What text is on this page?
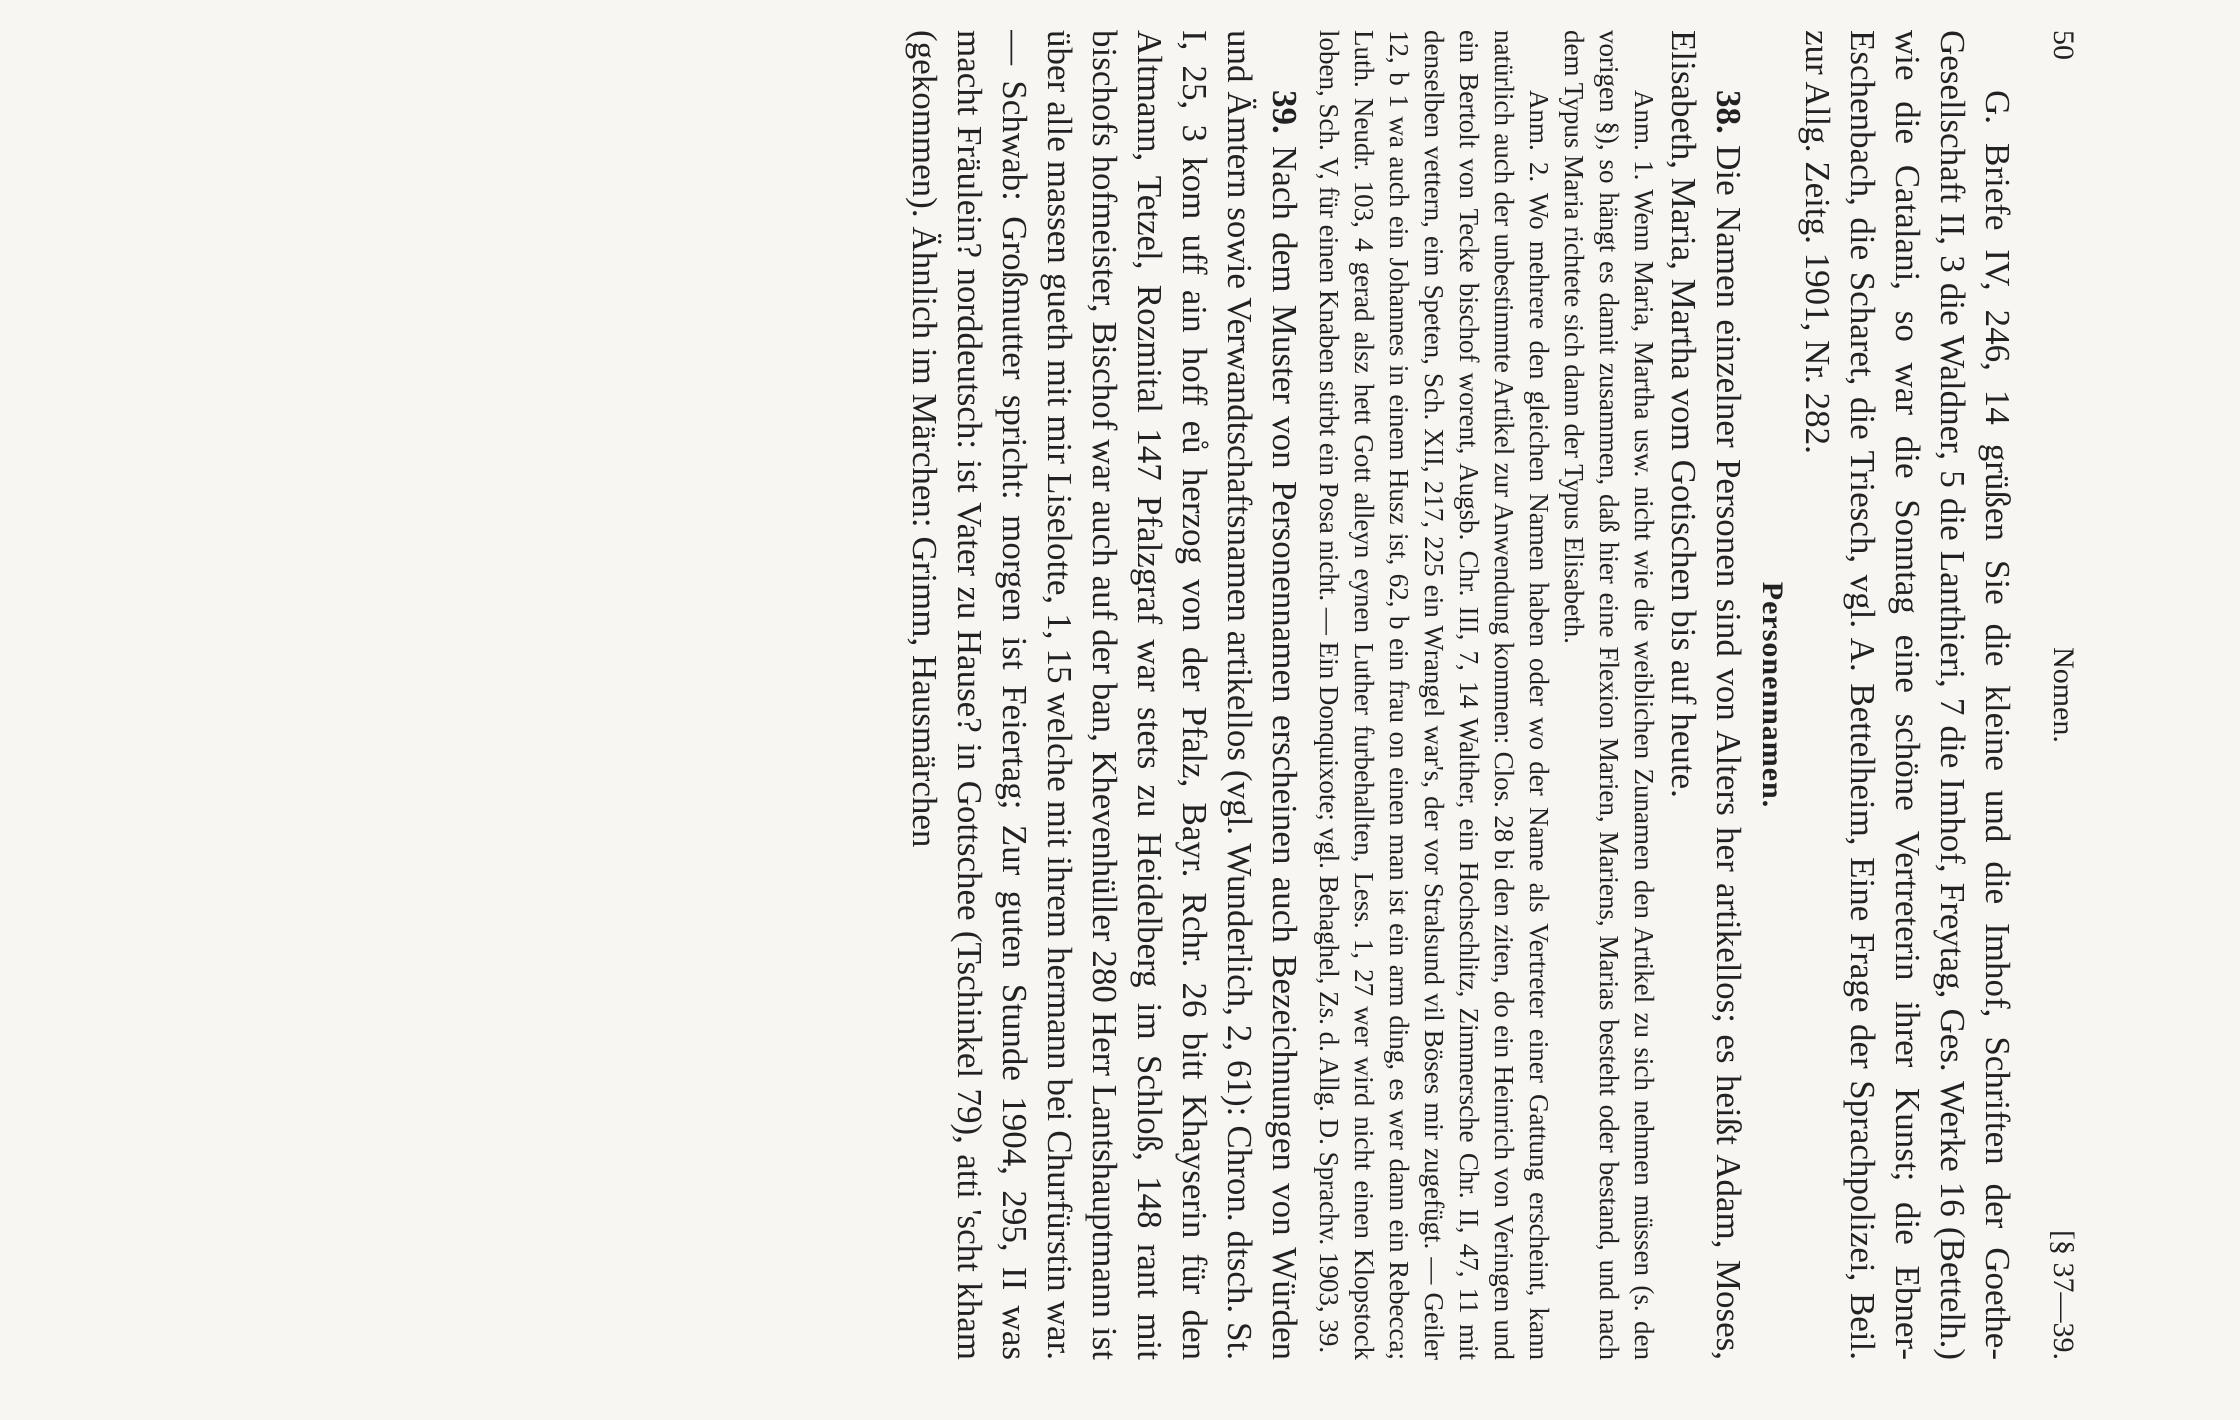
50
Nomen.
[§ 37—39.

G. Briefe IV, 246, 14 grüßen Sie die kleine und die Imhof, Schriften der Goethe-Gesellschaft II, 3 die Waldner, 5 die Lanthieri, 7 die Imhof, Freytag, Ges. Werke 16 (Bettelh.) wie die Catalani, so war die Sonntag eine schöne Vertreterin ihrer Kunst; die Ebner-Eschenbach, die Scharet, die Triesch, vgl. A. Bettelheim, Eine Frage der Sprachpolizei, Beil. zur Allg. Zeitg. 1901, Nr. 282.

Personennamen.

38. Die Namen einzelner Personen sind von Alters her artikellos; es heißt Adam, Moses, Elisabeth, Maria, Martha vom Gotischen bis auf heute.

Anm. 1. Wenn Maria, Martha usw. nicht wie die weiblichen Zunamen den Artikel zu sich nehmen müssen (s. den vorigen §), so hängt es damit zusammen, daß hier eine Flexion Marien, Mariens, Marias besteht oder bestand, und nach dem Typus Maria richtete sich dann der Typus Elisabeth.

Anm. 2. Wo mehrere den gleichen Namen haben oder wo der Name als Vertreter einer Gattung erscheint, kann natürlich auch der unbestimmte Artikel zur Anwendung kommen: Clos. 28 bi den ziten, do ein Heinrich von Veringen und ein Bertolt von Tecke bischof worent, Augsb. Chr. III, 7, 14 Walther, ein Hochschlitz, Zimmersche Chr. II, 47, 11 mit denselben vettern, eim Speten, Sch. XII, 217, 225 ein Wrangel war's, der vor Stralsund vil Böses mir zugefügt. — Geiler 12, b 1 wa auch ein Johannes in einem Husz ist, 62, b ein frau on einen man ist ein arm ding, es wer dann ein Rebecca; Luth. Neudr. 103, 4 gerad alsz hett Gott alleyn eynen Luther furbehallten, Less. 1, 27 wer wird nicht einen Klopstock loben, Sch. V, für einen Knaben stirbt ein Posa nicht. — Ein Donquixote; vgl. Behaghel, Zs. d. Allg. D. Sprachv. 1903, 39.

39. Nach dem Muster von Personennamen erscheinen auch Bezeichnungen von Würden und Ämtern sowie Verwandtschaftsnamen artikellos (vgl. Wunderlich, 2, 61): Chron. dtsch. St. I, 25, 3 kom uff ain hoff eů herzog von der Pfalz, Bayr. Rchr. 26 bitt Khayserin für den Altmann, Tetzel, Rozmital 147 Pfalzgraf war stets zu Heidelberg im Schloß, 148 rant mit bischofs hofmeister, Bischof war auch auf der ban, Khevenhüller 280 Herr Lantshauptmann ist über alle massen gueth mit mir Liselotte, 1, 15 welche mit ihrem hermann bei Churfürstin war. — Schwab: Großmutter spricht: morgen ist Feiertag; Zur guten Stunde 1904, 295, II was macht Fräulein? norddeutsch: ist Vater zu Hause? in Gottschee (Tschinkel 79), atti 'scht kham (gekommen). Ähnlich im Märchen: Grimm, Hausmärchen
